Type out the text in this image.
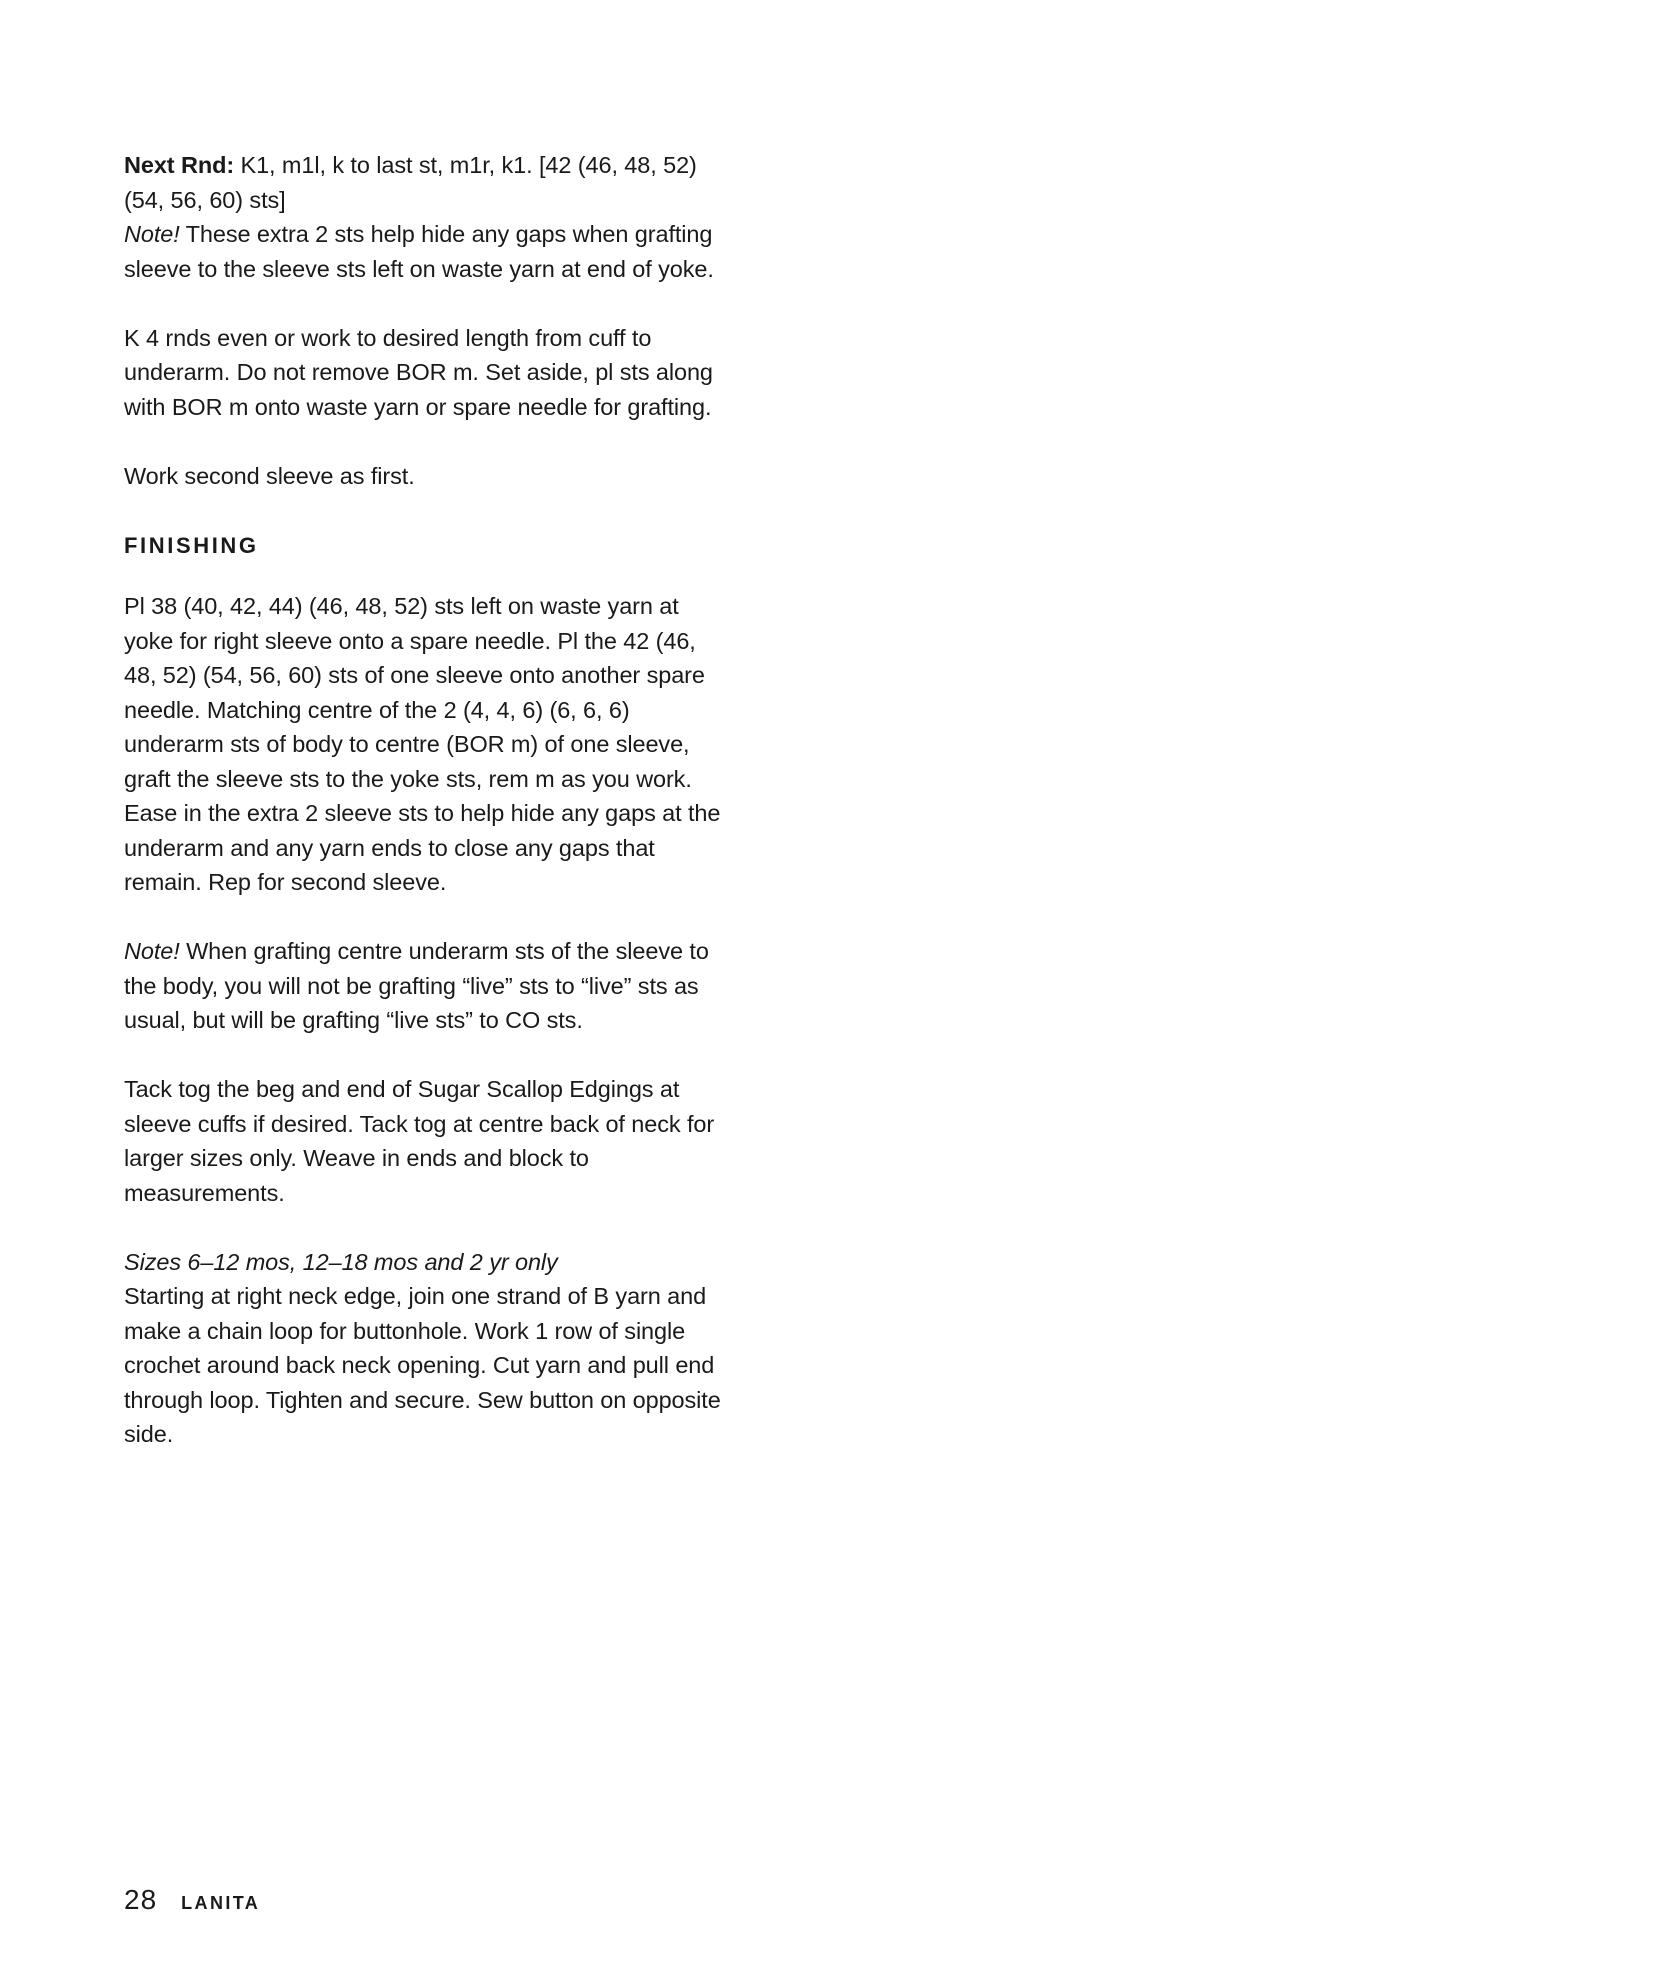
Next Rnd: K1, m1l, k to last st, m1r, k1. [42 (46, 48, 52) (54, 56, 60) sts]
Note! These extra 2 sts help hide any gaps when grafting sleeve to the sleeve sts left on waste yarn at end of yoke.

K 4 rnds even or work to desired length from cuff to underarm. Do not remove BOR m. Set aside, pl sts along with BOR m onto waste yarn or spare needle for grafting.

Work second sleeve as first.

FINISHING

Pl 38 (40, 42, 44) (46, 48, 52) sts left on waste yarn at yoke for right sleeve onto a spare needle. Pl the 42 (46, 48, 52) (54, 56, 60) sts of one sleeve onto another spare needle. Matching centre of the 2 (4, 4, 6) (6, 6, 6) underarm sts of body to centre (BOR m) of one sleeve, graft the sleeve sts to the yoke sts, rem m as you work. Ease in the extra 2 sleeve sts to help hide any gaps at the underarm and any yarn ends to close any gaps that remain. Rep for second sleeve.

Note! When grafting centre underarm sts of the sleeve to the body, you will not be grafting “live” sts to “live” sts as usual, but will be grafting “live sts” to CO sts.

Tack tog the beg and end of Sugar Scallop Edgings at sleeve cuffs if desired. Tack tog at centre back of neck for larger sizes only. Weave in ends and block to measurements.

Sizes 6–12 mos, 12–18 mos and 2 yr only
Starting at right neck edge, join one strand of B yarn and make a chain loop for buttonhole. Work 1 row of single crochet around back neck opening. Cut yarn and pull end through loop. Tighten and secure. Sew button on opposite side.

28 LANITA
